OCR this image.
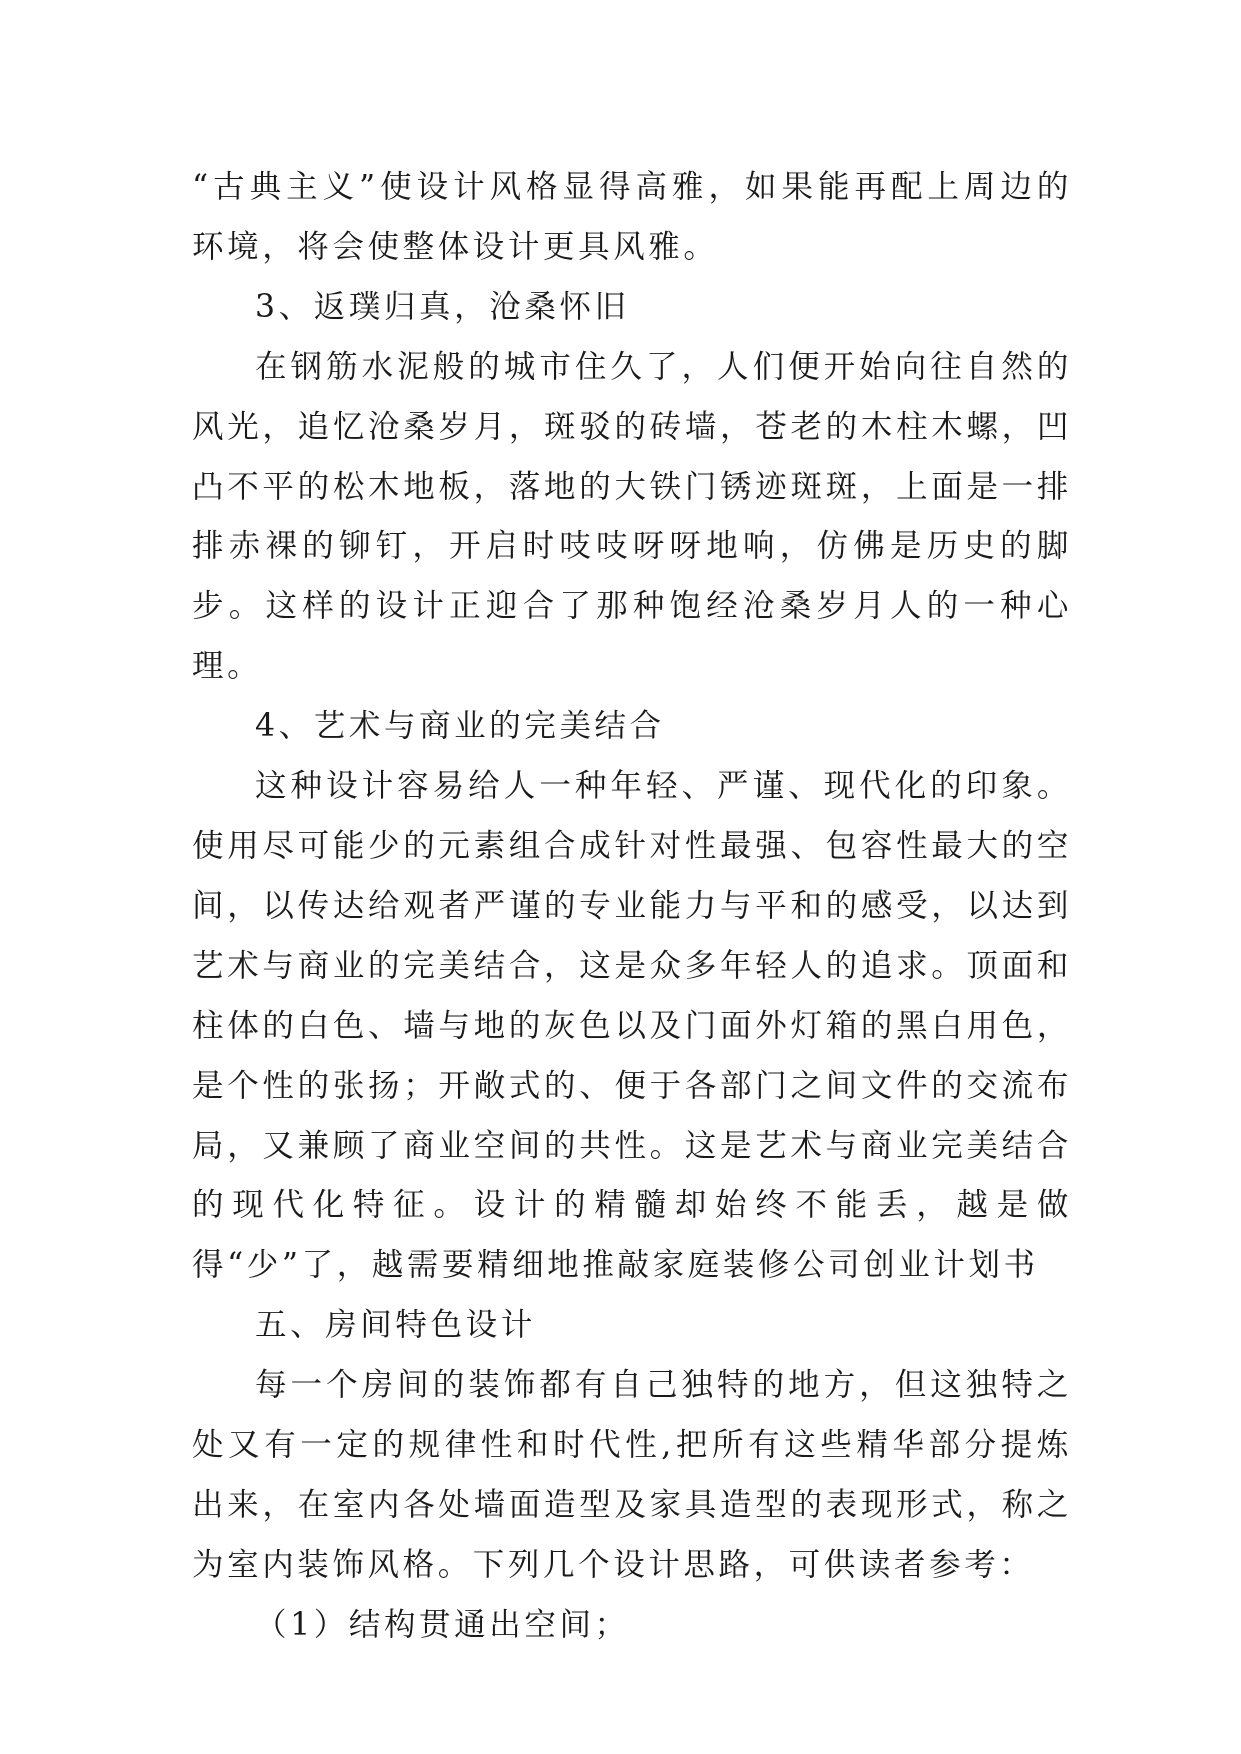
“古典主义”使设计风格显得高雅，如果能再配上周边的环境，将会使整体设计更具风雅。

3、返璞归真，沧桑怀旧

在钢筋水泥般的城市住久了，人们便开始向往自然的风光，追忆沧桑岁月，斑驳的砖墙，苍老的木柱木螺，凹凸不平的松木地板，落地的大铁门锈迹斑斑，上面是一排排赤裸的铆钉，开启时吱吱呀呀地响，仿佛是历史的脚步。这样的设计正迎合了那种饱经沧桑岁月人的一种心理。

4、艺术与商业的完美结合

这种设计容易给人一种年轻、严谨、现代化的印象。使用尽可能少的元素组合成针对性最强、包容性最大的空间，以传达给观者严谨的专业能力与平和的感受，以达到艺术与商业的完美结合，这是众多年轻人的追求。顶面和柱体的白色、墙与地的灰色以及门面外灯箱的黑白用色，是个性的张扬；开敞式的、便于各部门之间文件的交流布局，又兼顾了商业空间的共性。这是艺术与商业完美结合的现代化特征。设计的精髓却始终不能丢，越是做得“少”了，越需要精细地推敲家庭装修公司创业计划书

五、房间特色设计

每一个房间的装饰都有自己独特的地方，但这独特之处又有一定的规律性和时代性,把所有这些精华部分提炼出来，在室内各处墙面造型及家具造型的表现形式，称之为室内装饰风格。下列几个设计思路，可供读者参考：

（1）结构贯通出空间；
